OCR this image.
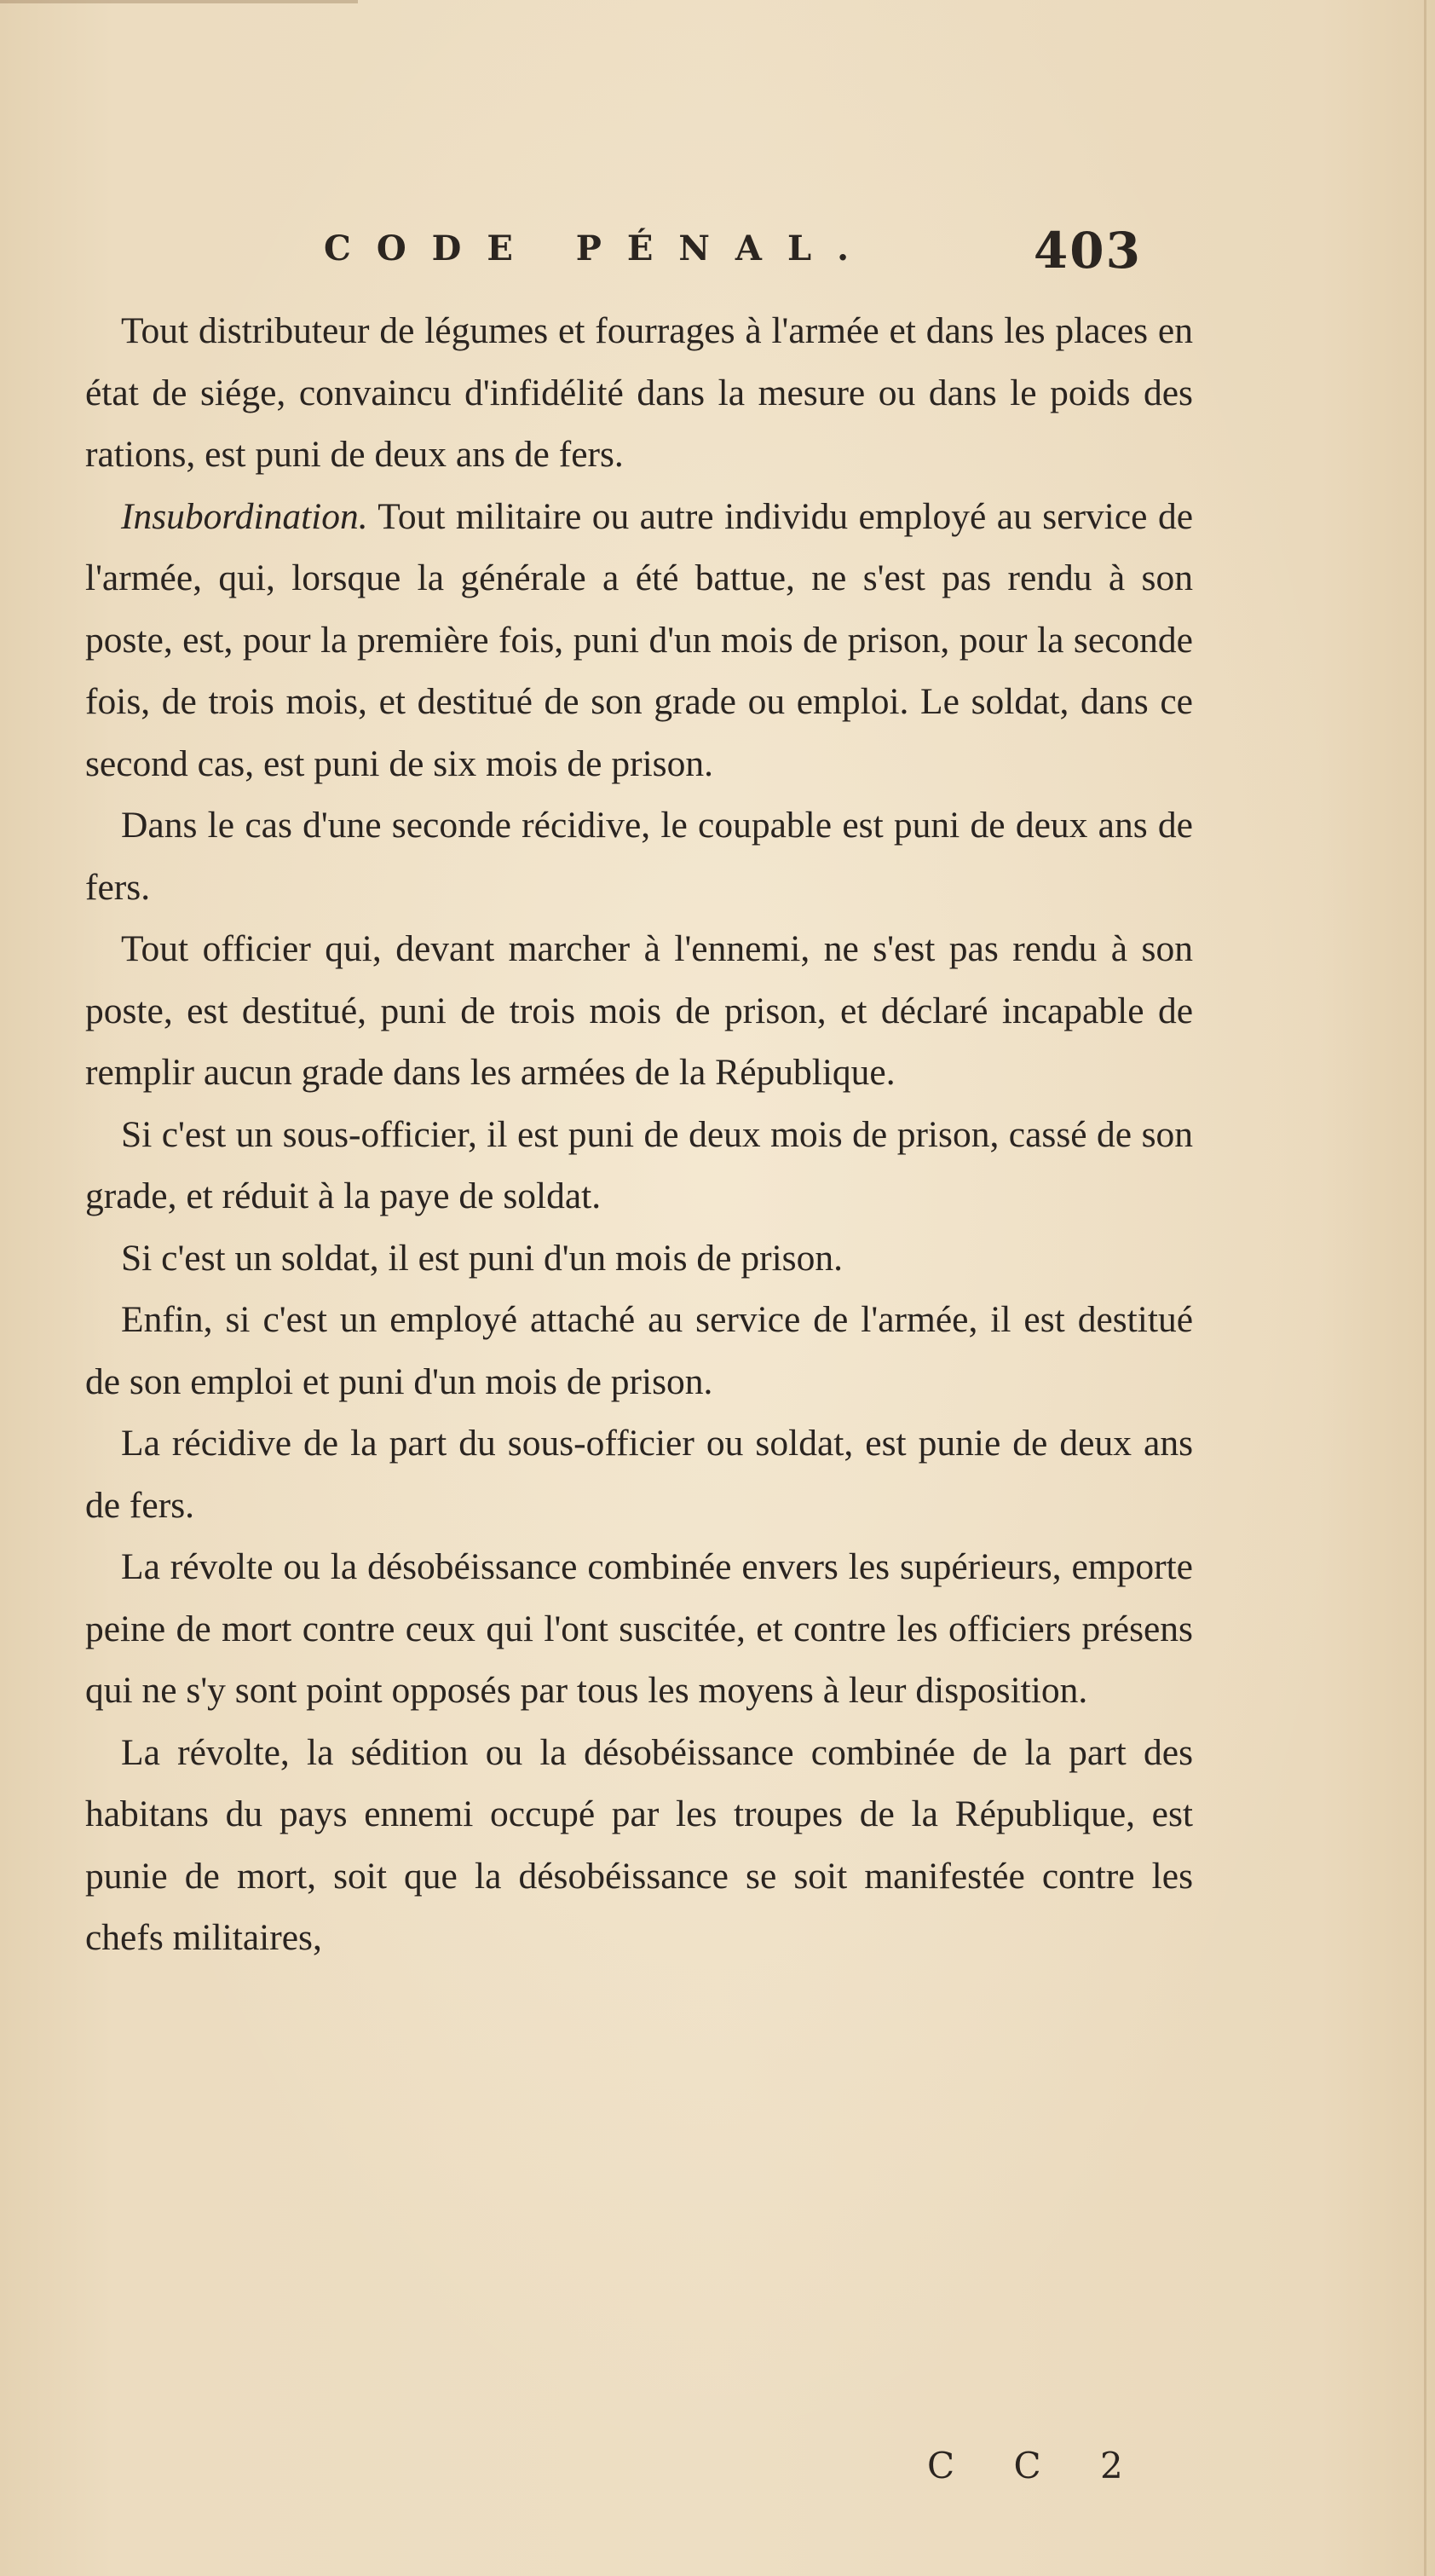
CODE PÉNAL.	403

Tout distributeur de légumes et fourrages à l'armée et dans les places en état de siége, convaincu d'infidélité dans la mesure ou dans le poids des rations, est puni de deux ans de fers.

Insubordination. Tout militaire ou autre individu employé au service de l'armée, qui, lorsque la générale a été battue, ne s'est pas rendu à son poste, est, pour la première fois, puni d'un mois de prison, pour la seconde fois, de trois mois, et destitué de son grade ou emploi. Le soldat, dans ce second cas, est puni de six mois de prison.

Dans le cas d'une seconde récidive, le coupable est puni de deux ans de fers.

Tout officier qui, devant marcher à l'ennemi, ne s'est pas rendu à son poste, est destitué, puni de trois mois de prison, et déclaré incapable de remplir aucun grade dans les armées de la République.

Si c'est un sous-officier, il est puni de deux mois de prison, cassé de son grade, et réduit à la paye de soldat.

Si c'est un soldat, il est puni d'un mois de prison.

Enfin, si c'est un employé attaché au service de l'armée, il est destitué de son emploi et puni d'un mois de prison.

La récidive de la part du sous-officier ou soldat, est punie de deux ans de fers.

La révolte ou la désobéissance combinée envers les supérieurs, emporte peine de mort contre ceux qui l'ont suscitée, et contre les officiers présens qui ne s'y sont point opposés par tous les moyens à leur disposition.

La révolte, la sédition ou la désobéissance combinée de la part des habitans du pays ennemi occupé par les troupes de la République, est punie de mort, soit que la désobéissance se soit manifestée contre les chefs militaires,

C C 2
